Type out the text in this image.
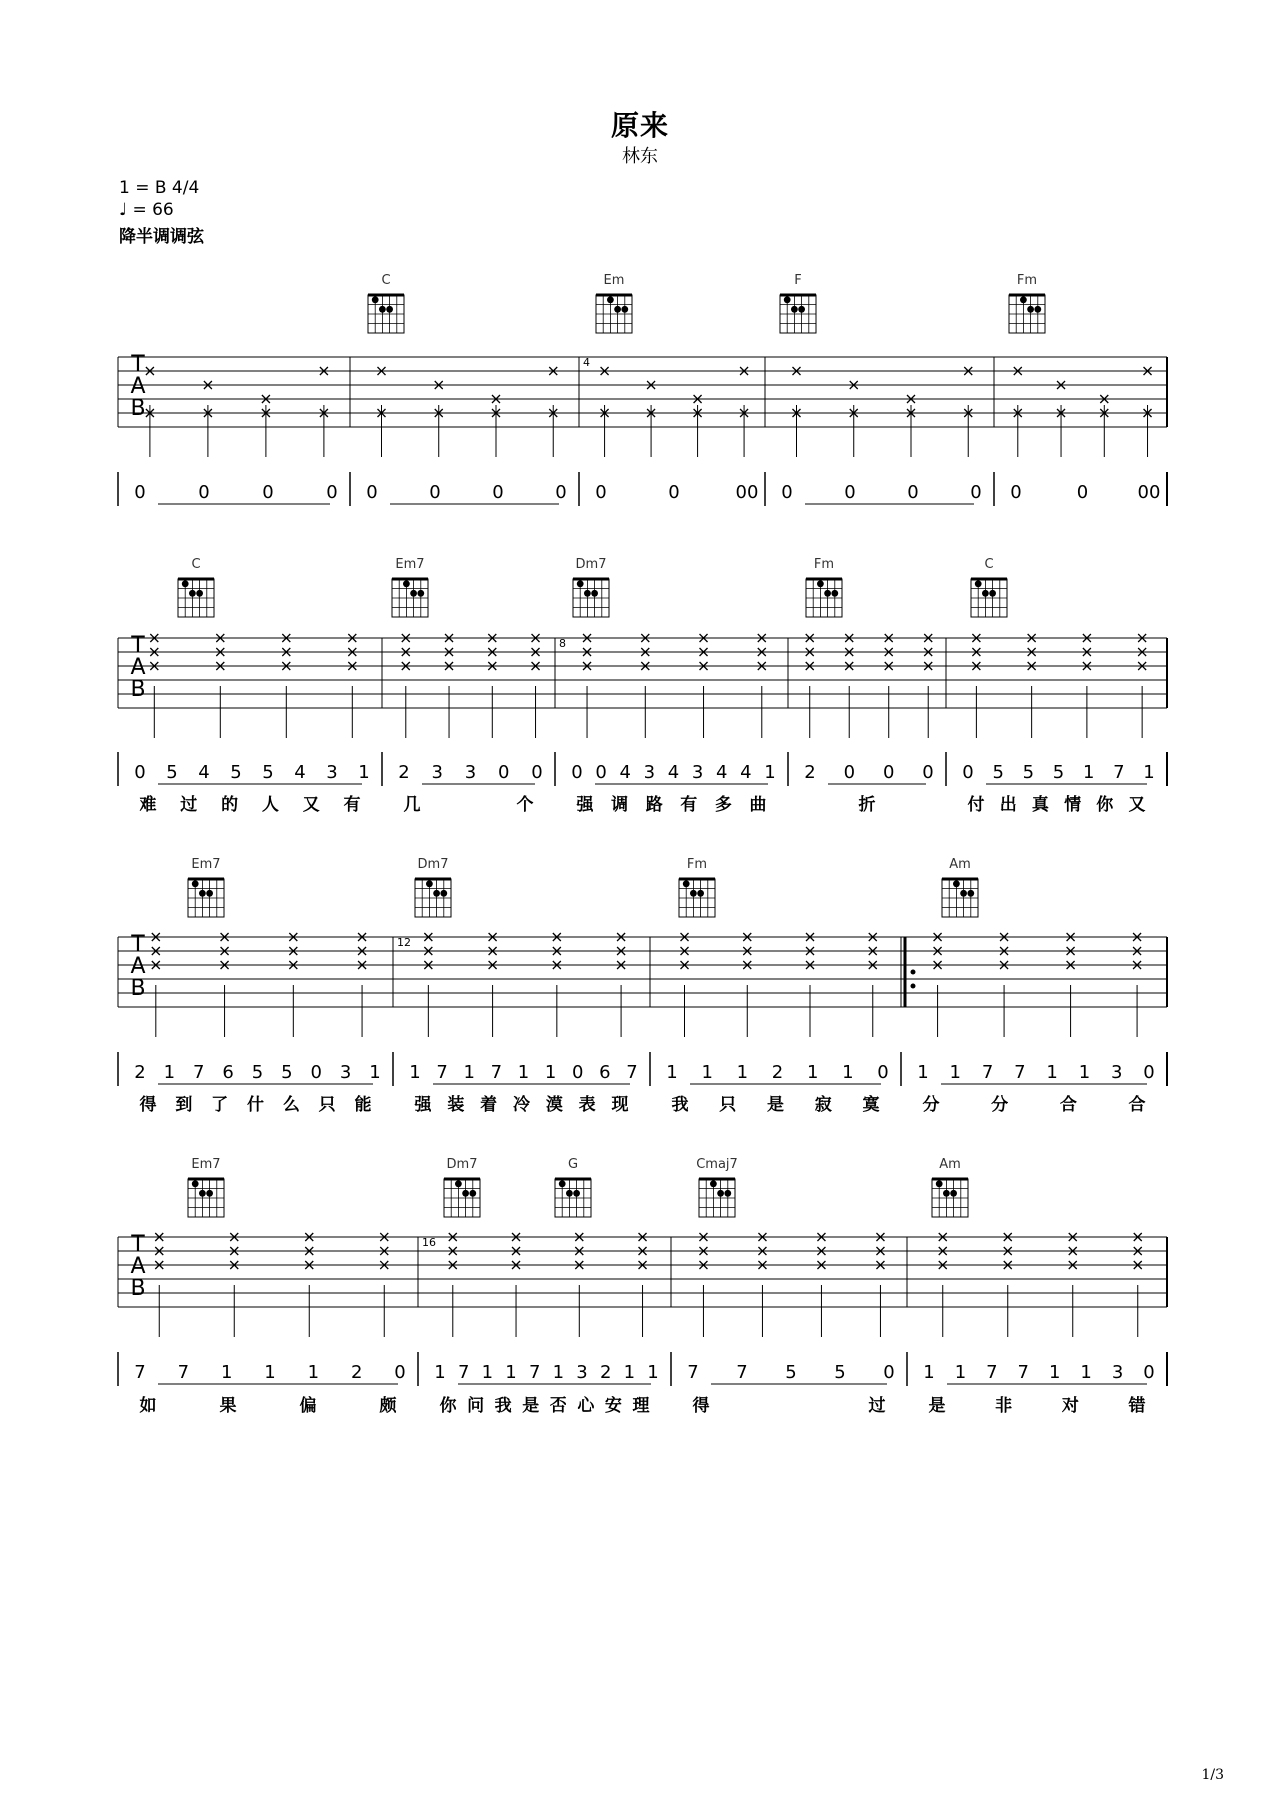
原来
林东
1 = B 4/4
♩ = 66
降半调调弦
T
A
B
C	Em	F	Fm
4
0	0	0	0 0	0	0	0 0	0	00 0	0	0	0 0	0	00
T
A
B
C	Em7	Dm7	Fm	C
8
0 5 4 5 5 4 3 1
难 过 的 人 又 有
2 3 3 0 0
几	个
0 0 4 3 4 3 4 4 1
强 调 路 有 多 曲
2 0 0 0
折
0 5 5 5 1 7 1
付 出 真 情 你 又
T
A
B
Em7	Dm7	Fm	Am
12
2 1 7 6 5 5 0 3 1
得 到 了 什 么 只 能
1 7 1 7 1 1 0 6 7
强 装 着 冷 漠 表 现
1 1 1 2 1 1 0
我 只 是 寂 寞
1 1 7 7 1 1 3 0
分	分	合	合
T
A
B
Em7	Dm7	G	Cmaj7	Am
16
7 7 1 1 1 2 0
如	果	偏	颇
1 7 1 1 7 1 3 2 1 1
你 问 我 是 否 心 安 理
7 7 5 5 0
得	过
1 1 7 7 1 1 3 0
是	非	对	错
1/3
